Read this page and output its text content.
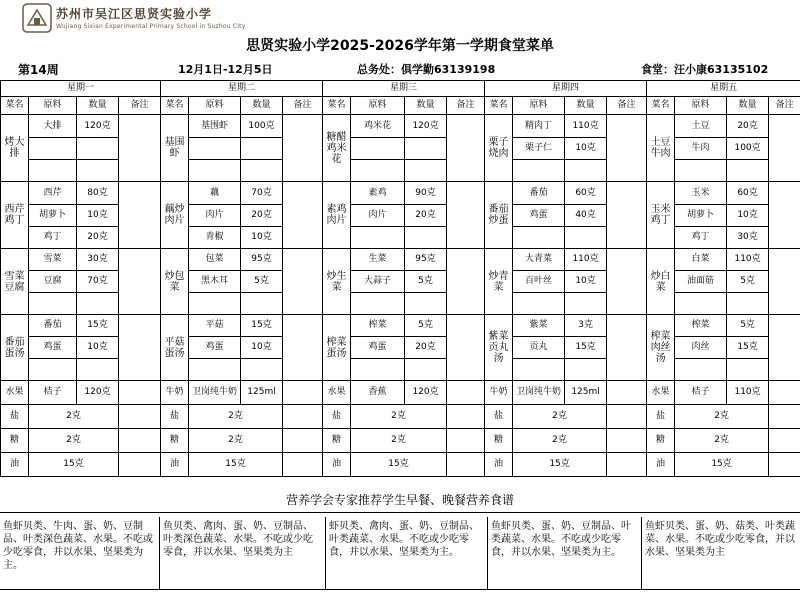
苏州市吴江区思贤实验小学
Wujiang Sixian Experimental Primary School in Suzhou City
思贤实验小学2025-2026学年第一学期食堂菜单
第14周	12月1日-12月5日	总务处：俱学勤63139198	食堂：汪小康63135102
星期一				星期二				星期三				星期四				星期五			
菜名	原料	数量	备注	菜名	原料	数量	备注	菜名	原料	数量	备注	菜名	原料	数量	备注	菜名	原料	数量	备注
烤大排	大排	120克		基围虾	基围虾	100克		糖醋鸡米花	鸡米花	120克		栗子烧肉	精肉丁	110克		土豆牛肉	土豆	20克	
													栗子仁	10克			牛肉	100克	

西芹鸡丁	西芹	80克		藕炒肉片	藕	70克		素鸡肉片	素鸡	90克		番茄炒蛋	番茄	60克		玉米鸡丁	玉米	60克	
	胡萝卜	10克			肉片	20克			肉片	20克			鸡蛋	40克			胡萝卜	10克	
	鸡丁	20克			青椒	10克											鸡丁	30克	
雪菜豆腐	雪菜	30克		炒包菜	包菜	95克		炒生菜	生菜	95克		炒青菜	大青菜	110克		炒白菜	白菜	110克	
	豆腐	70克			黑木耳	5克			大蒜子	5克			百叶丝	10克			油面筋	5克	

番茄蛋汤	番茄	15克		平菇蛋汤	平菇	15克		榨菜蛋汤	榨菜	5克		紫菜贡丸汤	紫菜	3克		榨菜肉丝汤	榨菜	5克	
	鸡蛋	10克			鸡蛋	10克			鸡蛋	20克			贡丸	15克			肉丝	15克	

水果	桔子	120克		牛奶	卫岗纯牛奶	125ml		水果	香蕉	120克		牛奶	卫岗纯牛奶	125ml		水果	桔子	110克	
盐	2克			盐	2克			盐	2克			盐	2克			盐	2克		
糖	2克			糖	2克			糖	2克			糖	2克			糖	2克		
油	15克			油	15克			油	15克			油	15克			油	15克		
营养学会专家推荐学生早餐、晚餐营养食谱
鱼虾贝类、牛肉、蛋、奶、豆制品、叶类深色蔬菜、水果。不吃或少吃零食，并以水果、坚果类为主。
鱼贝类、禽肉、蛋、奶、豆制品、叶类深色蔬菜、水果。不吃或少吃零食，并以水果、坚果类为主
虾贝类、禽肉、蛋、奶、豆制品、叶类蔬菜、水果。不吃或少吃零食，并以水果、坚果类为主。
鱼虾贝类、蛋、奶、豆制品、叶类蔬菜、水果。不吃或少吃零食，并以水果、坚果类为主。
鱼虾贝类、蛋、奶、菇类、叶类蔬菜、水果。不吃或少吃零食，并以水果、坚果类为主
